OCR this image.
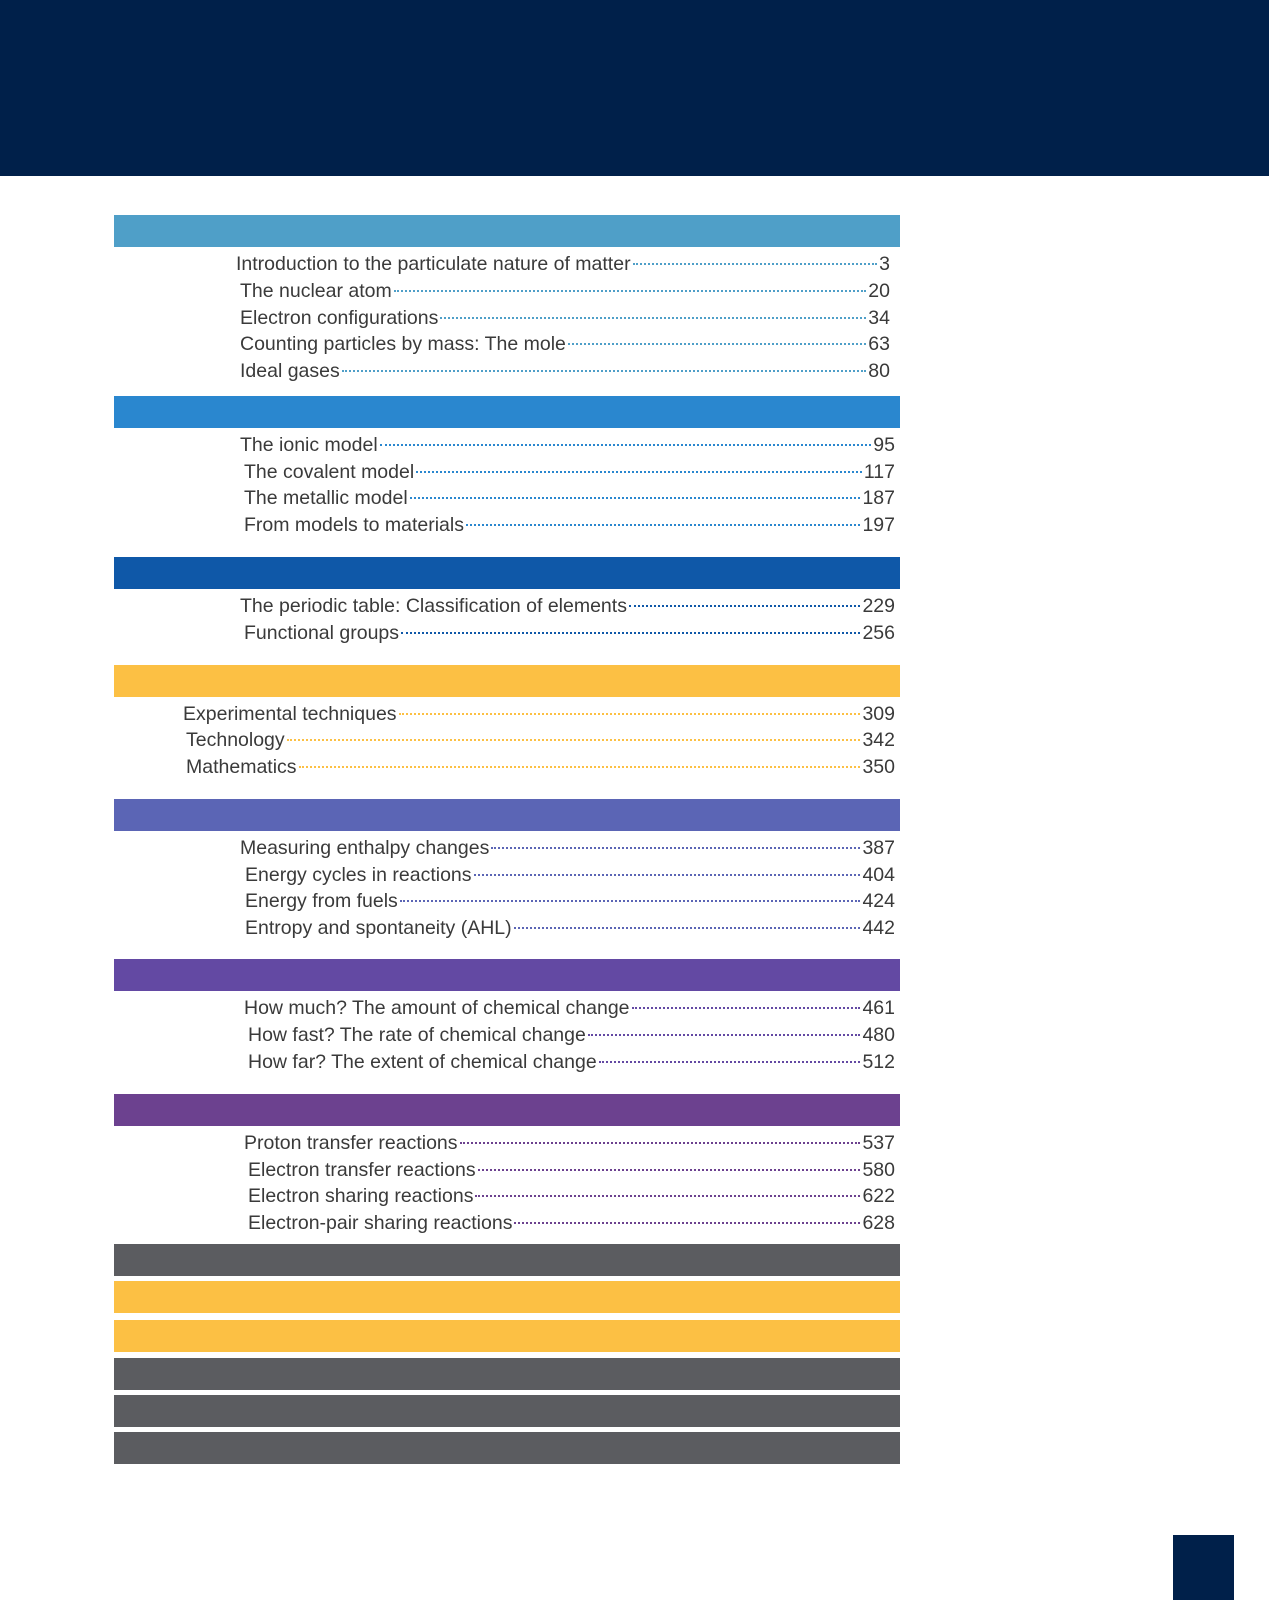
Introduction to the particulate nature of matter	3
The nuclear atom	20
Electron configurations	34
Counting particles by mass: The mole	63
Ideal gases	80
The ionic model	95
The covalent model	117
The metallic model	187
From models to materials	197
The periodic table: Classification of elements	229
Functional groups	256
Experimental techniques	309
Technology	342
Mathematics	350
Measuring enthalpy changes	387
Energy cycles in reactions	404
Energy from fuels	424
Entropy and spontaneity (AHL)	442
How much? The amount of chemical change	461
How fast? The rate of chemical change	480
How far? The extent of chemical change	512
Proton transfer reactions	537
Electron transfer reactions	580
Electron sharing reactions	622
Electron-pair sharing reactions	628
